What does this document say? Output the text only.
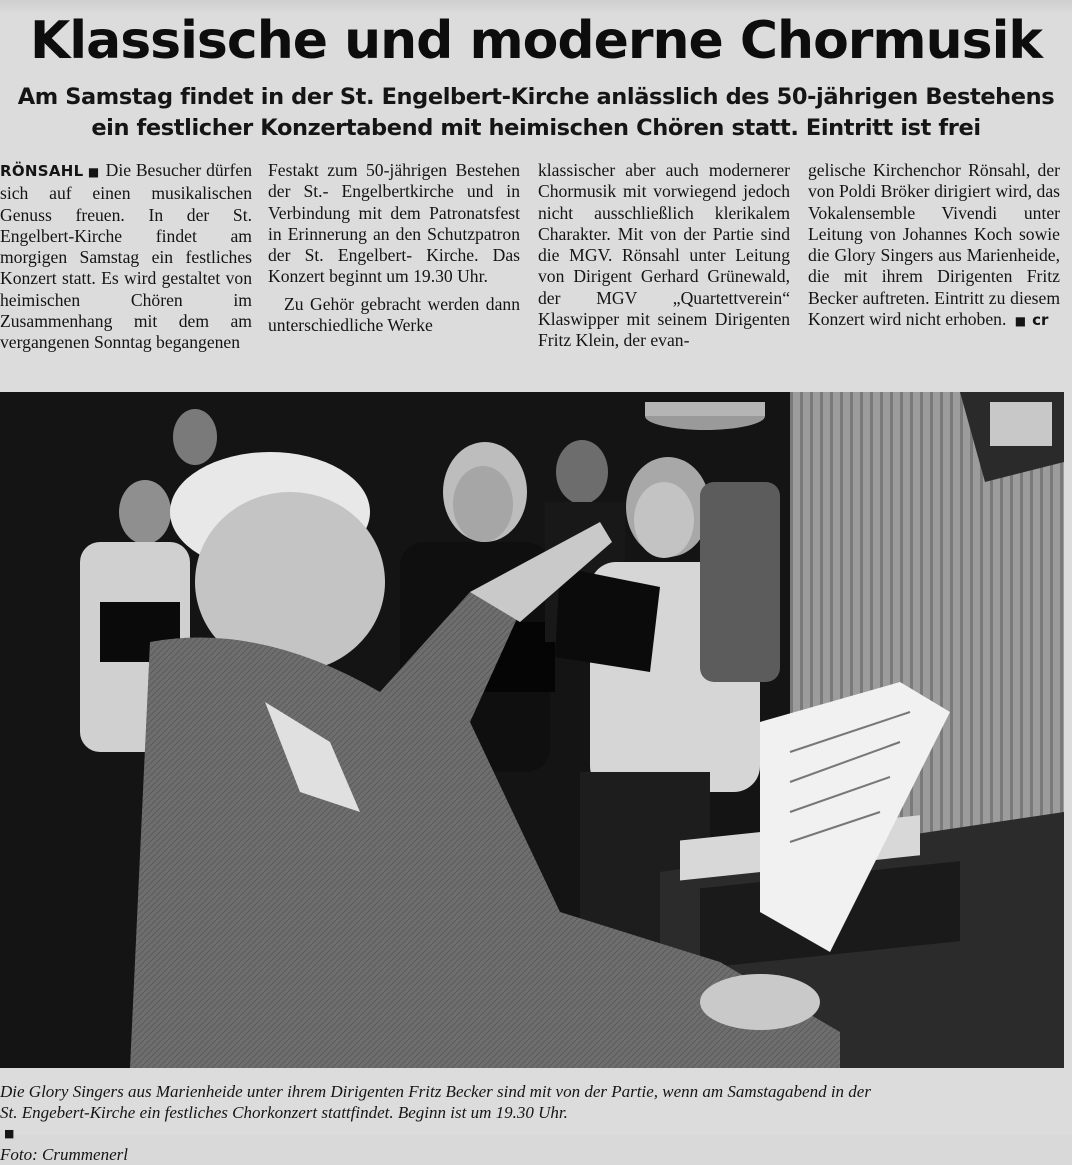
Klassische und moderne Chormusik
Am Samstag findet in der St. Engelbert-Kirche anlässlich des 50-jährigen Bestehens
ein festlicher Konzertabend mit heimischen Chören statt. Eintritt ist frei

RÖNSAHL ■ Die Besucher dürfen sich auf einen musikalischen Genuss freuen. In der St. Engelbert-Kirche findet am morgigen Samstag ein festliches Konzert statt. Es wird gestaltet von heimischen Chören im Zusammenhang mit dem am vergangenen Sonntag begangenen

Festakt zum 50-jährigen Bestehen der St.- Engelbertkirche und in Verbindung mit dem Patronatsfest in Erinnerung an den Schutzpatron der St. Engelbert- Kirche. Das Konzert beginnt um 19.30 Uhr.

Zu Gehör gebracht werden dann unterschiedliche Werke

klassischer aber auch modernerer Chormusik mit vorwiegend jedoch nicht ausschließlich klerikalem Charakter. Mit von der Partie sind die MGV. Rönsahl unter Leitung von Dirigent Gerhard Grünewald, der MGV „Quartettverein“ Klaswipper mit seinem Dirigenten Fritz Klein, der evan-

gelische Kirchenchor Rönsahl, der von Poldi Bröker dirigiert wird, das Vokalensemble Vivendi unter Leitung von Johannes Koch sowie die Glory Singers aus Marienheide, die mit ihrem Dirigenten Fritz Becker auftreten. Eintritt zu diesem Konzert wird nicht erhoben. ■ cr

Die Glory Singers aus Marienheide unter ihrem Dirigenten Fritz Becker sind mit von der Partie, wenn am Samstagabend in der
St. Engebert-Kirche ein festliches Chorkonzert stattfindet. Beginn ist um 19.30 Uhr.
■
Foto: Crummenerl
